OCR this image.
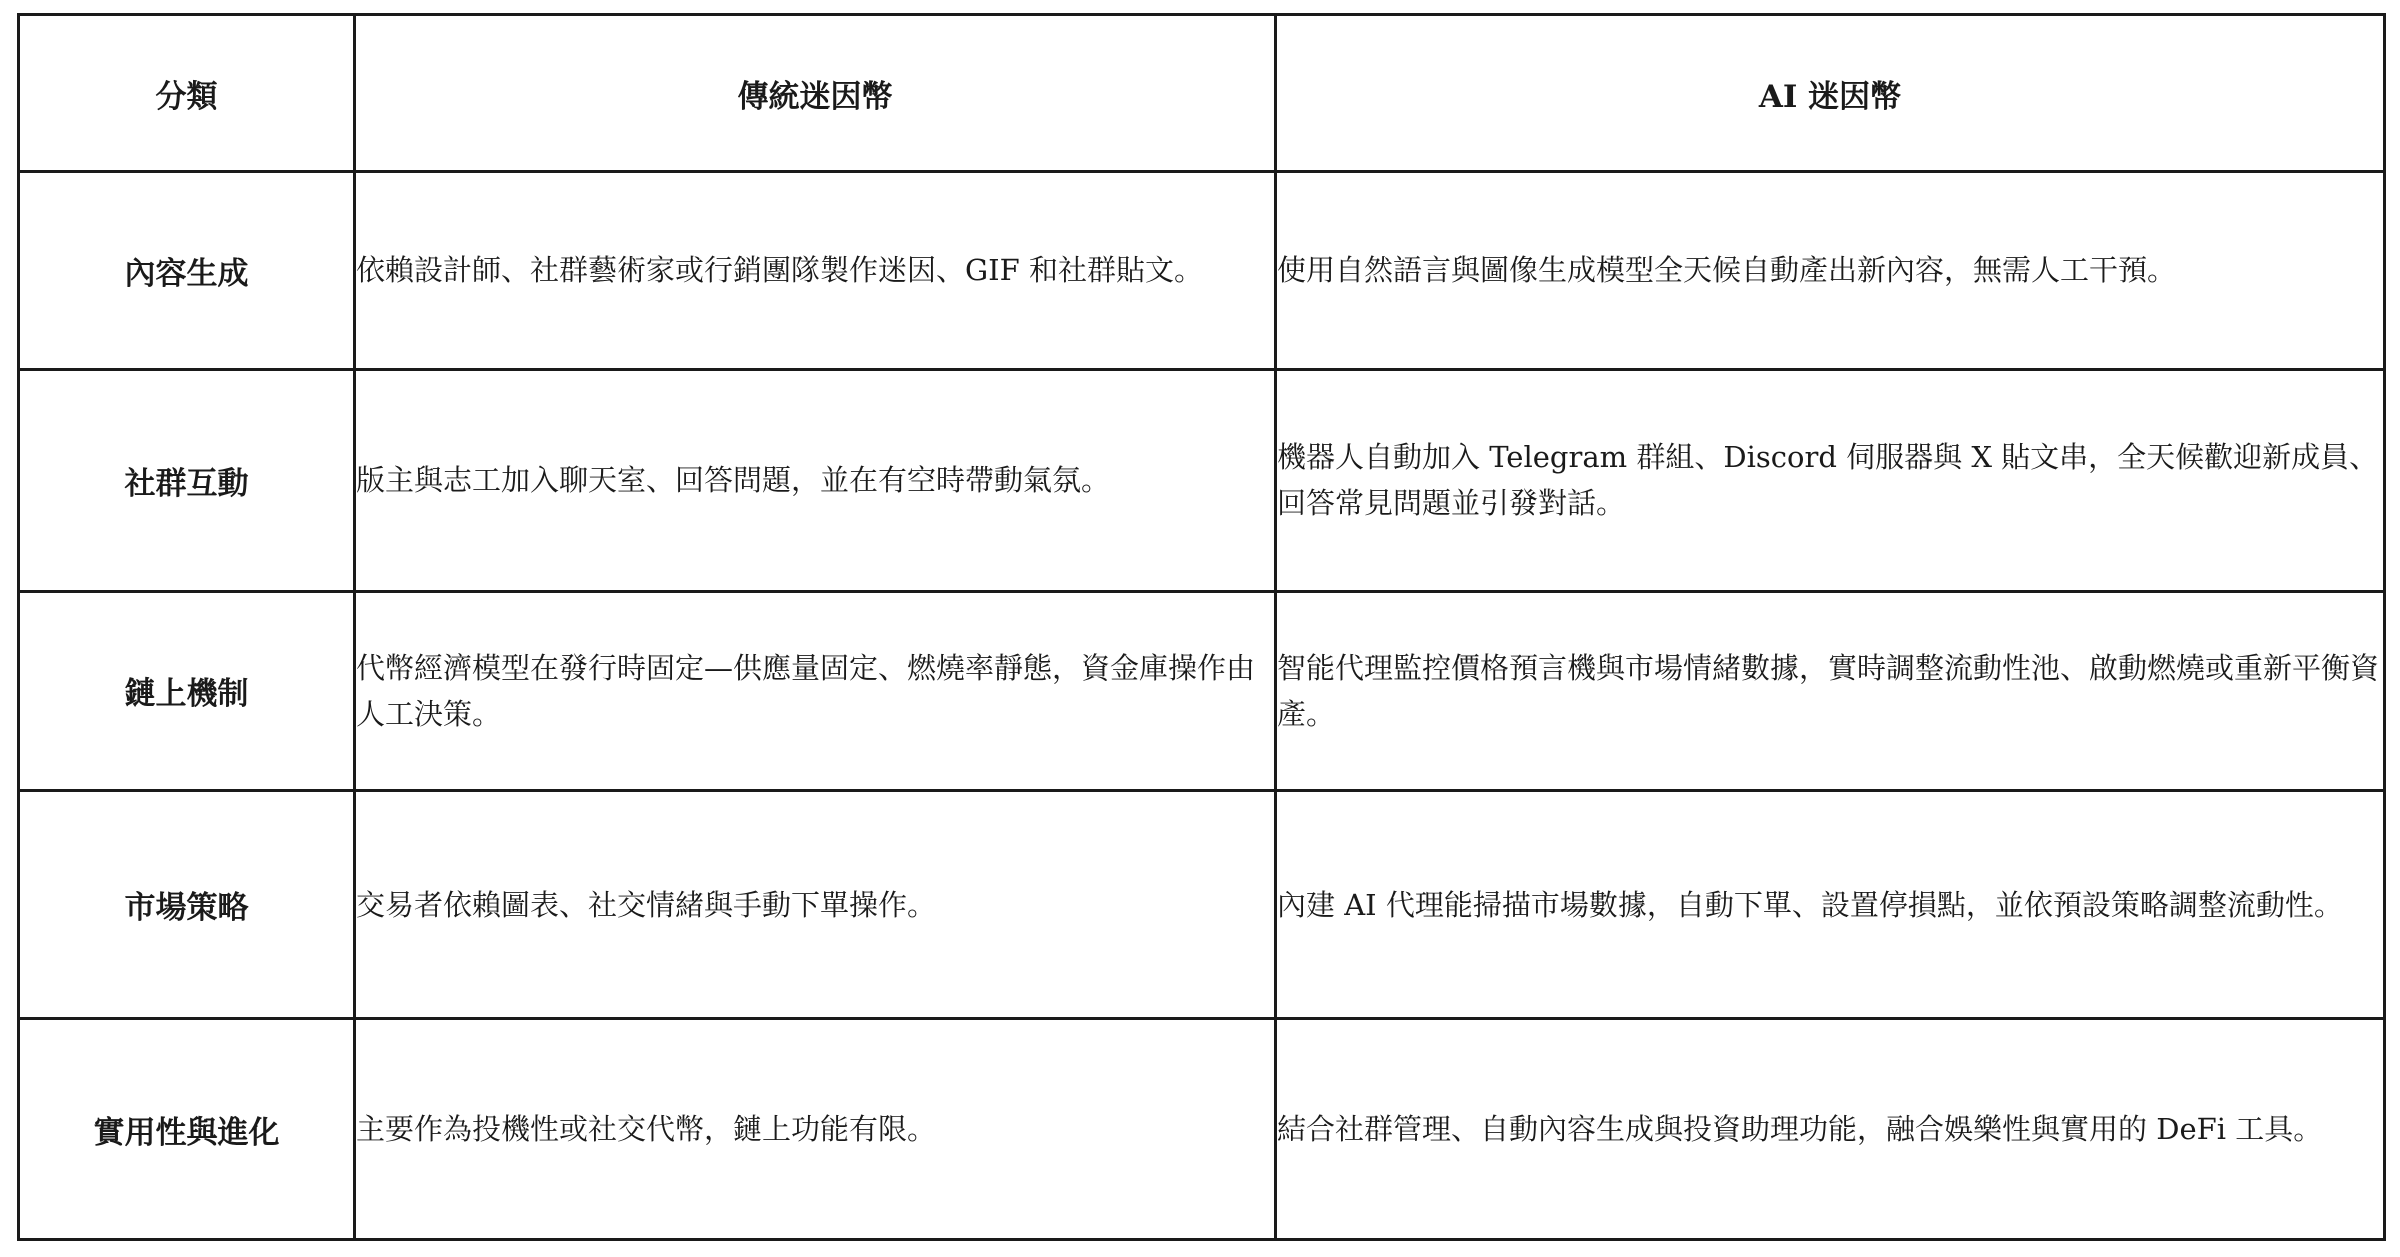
分類	傳統迷因幣	AI 迷因幣
內容生成	依賴設計師、社群藝術家或行銷團隊製作迷因、GIF 和社群貼文。	使用自然語言與圖像生成模型全天候自動產出新內容，無需人工干預。
社群互動	版主與志工加入聊天室、回答問題，並在有空時帶動氣氛。	機器人自動加入 Telegram 群組、Discord 伺服器與 X 貼文串，全天候歡迎新成員、回答常見問題並引發對話。
鏈上機制	代幣經濟模型在發行時固定—供應量固定、燃燒率靜態，資金庫操作由人工決策。	智能代理監控價格預言機與市場情緒數據，實時調整流動性池、啟動燃燒或重新平衡資產。
市場策略	交易者依賴圖表、社交情緒與手動下單操作。	內建 AI 代理能掃描市場數據，自動下單、設置停損點，並依預設策略調整流動性。
實用性與進化	主要作為投機性或社交代幣，鏈上功能有限。	結合社群管理、自動內容生成與投資助理功能，融合娛樂性與實用的 DeFi 工具。
